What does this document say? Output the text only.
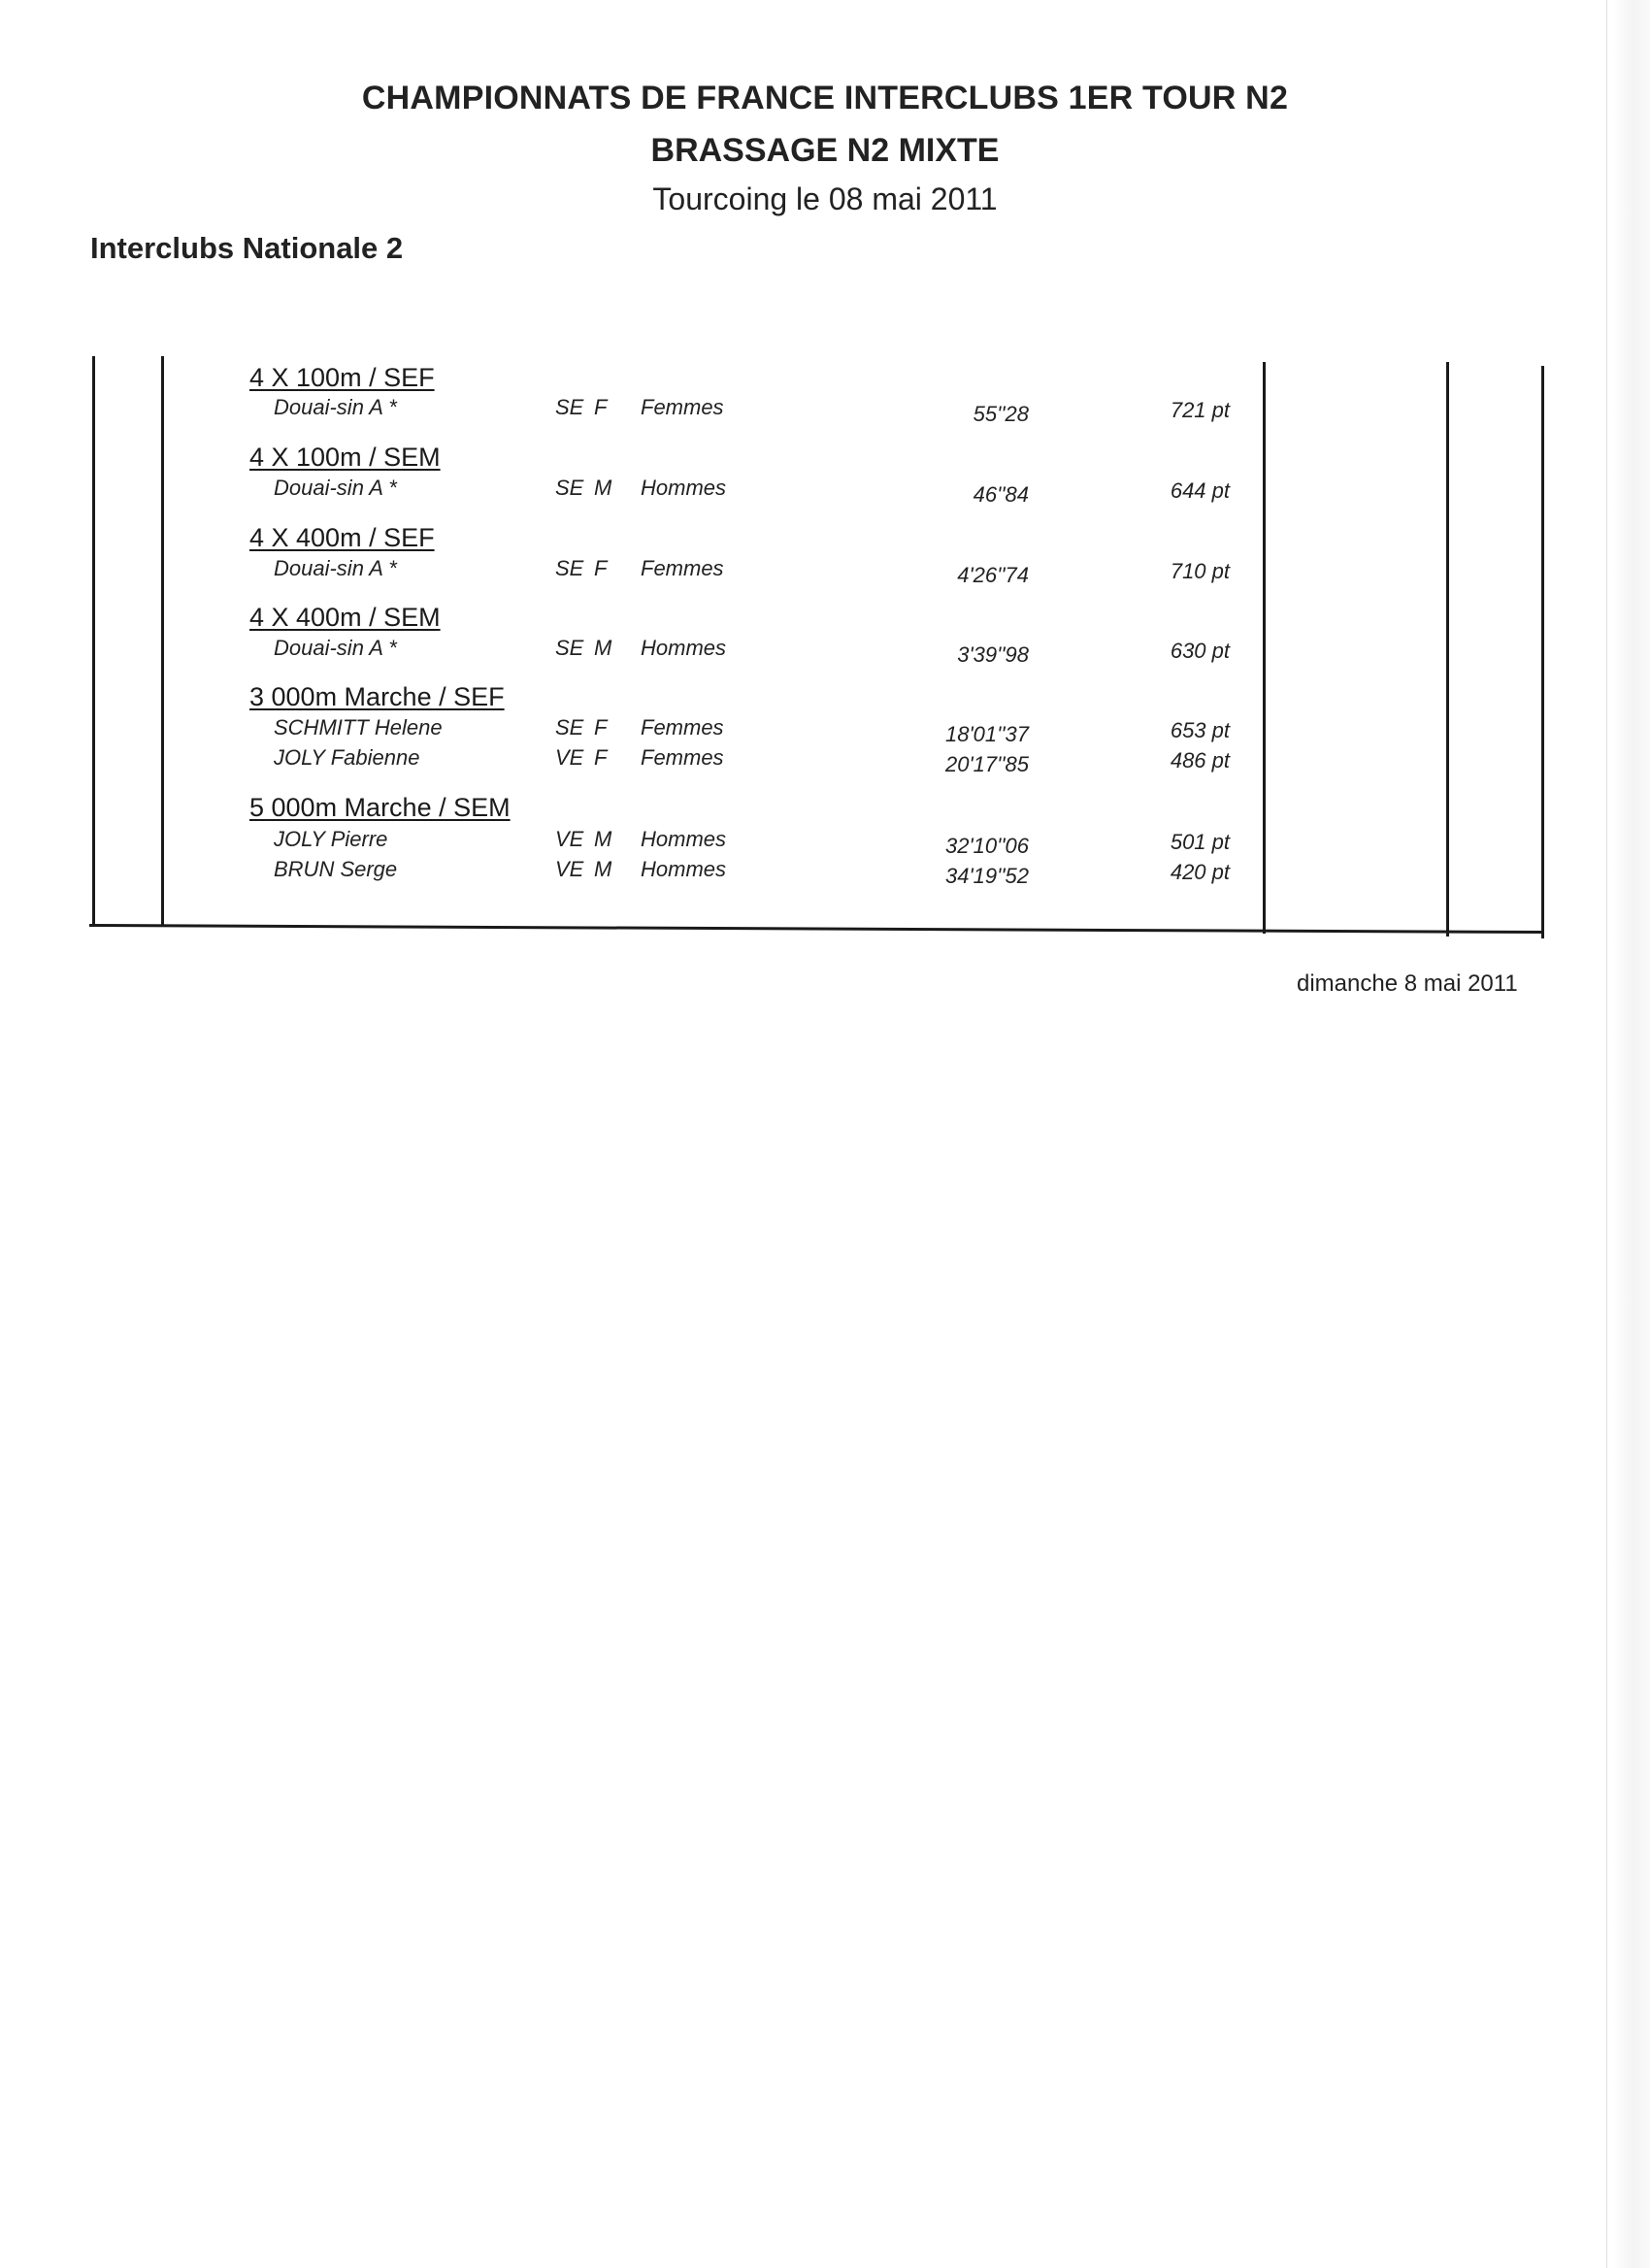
CHAMPIONNATS DE FRANCE INTERCLUBS 1ER TOUR N2
BRASSAGE N2 MIXTE
Tourcoing le 08 mai 2011
Interclubs Nationale 2
4 X 100m / SEF
Douai-sin A *	SE F Femmes	55''28	721 pt
4 X 100m / SEM
Douai-sin A *	SE M Hommes	46''84	644 pt
4 X 400m / SEF
Douai-sin A *	SE F Femmes	4'26''74	710 pt
4 X 400m / SEM
Douai-sin A *	SE M Hommes	3'39''98	630 pt
3 000m Marche / SEF
SCHMITT Helene	SE F Femmes	18'01''37	653 pt
JOLY Fabienne	VE F Femmes	20'17''85	486 pt
5 000m Marche / SEM
JOLY Pierre	VE M Hommes	32'10''06	501 pt
BRUN Serge	VE M Hommes	34'19''52	420 pt
dimanche 8 mai 2011
